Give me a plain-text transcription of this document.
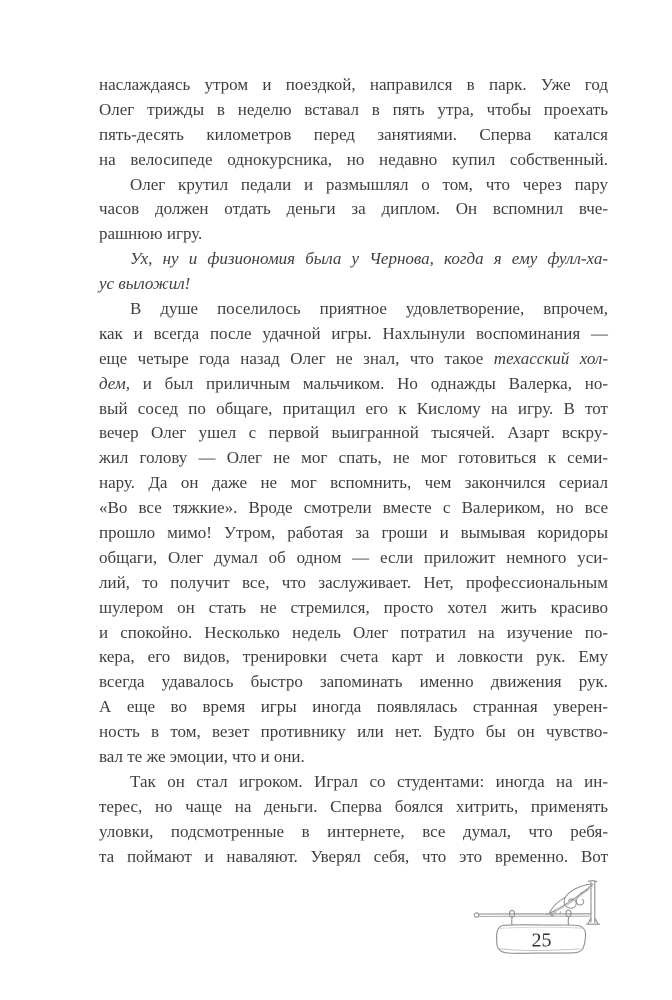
наслаждаясь утром и поездкой, направился в парк. Уже год
Олег трижды в неделю вставал в пять утра, чтобы проехать
пять-десять километров перед занятиями. Сперва катался
на велосипеде однокурсника, но недавно купил собственный.
Олег крутил педали и размышлял о том, что через пару
часов должен отдать деньги за диплом. Он вспомнил вче-
рашнюю игру.
Ух, ну и физиономия была у Чернова, когда я ему фулл-ха-
ус выложил!
В душе поселилось приятное удовлетворение, впрочем,
как и всегда после удачной игры. Нахлынули воспоминания —
еще четыре года назад Олег не знал, что такое техасский хол-
дем, и был приличным мальчиком. Но однажды Валерка, но-
вый сосед по общаге, притащил его к Кислому на игру. В тот
вечер Олег ушел с первой выигранной тысячей. Азарт вскру-
жил голову — Олег не мог спать, не мог готовиться к семи-
нару. Да он даже не мог вспомнить, чем закончился сериал
«Во все тяжкие». Вроде смотрели вместе с Валериком, но все
прошло мимо! Утром, работая за гроши и вымывая коридоры
общаги, Олег думал об одном — если приложит немного уси-
лий, то получит все, что заслуживает. Нет, профессиональным
шулером он стать не стремился, просто хотел жить красиво
и спокойно. Несколько недель Олег потратил на изучение по-
кера, его видов, тренировки счета карт и ловкости рук. Ему
всегда удавалось быстро запоминать именно движения рук.
А еще во время игры иногда появлялась странная уверен-
ность в том, везет противнику или нет. Будто бы он чувство-
вал те же эмоции, что и они.
Так он стал игроком. Играл со студентами: иногда на ин-
терес, но чаще на деньги. Сперва боялся хитрить, применять
уловки, подсмотренные в интернете, все думал, что ребя-
та поймают и наваляют. Уверял себя, что это временно. Вот
25
